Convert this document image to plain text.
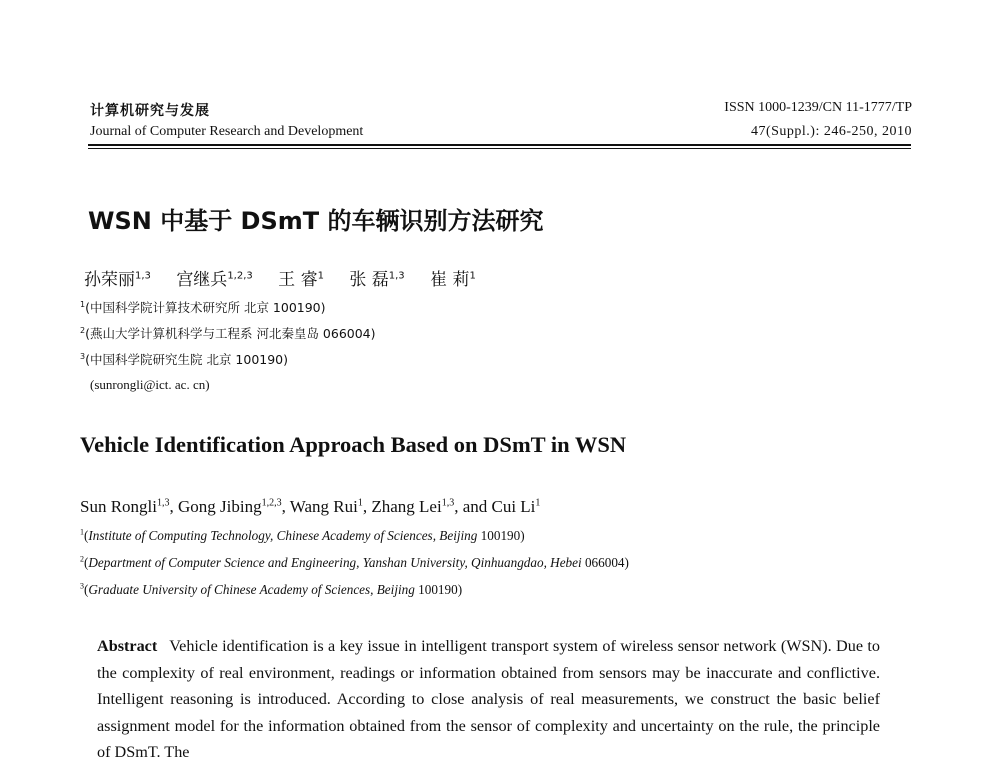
计算机研究与发展
Journal of Computer Research and Development
ISSN 1000-1239/CN 11-1777/TP
47(Suppl.): 246-250, 2010
WSN 中基于 DSmT 的车辆识别方法研究
孙荣丽$^{1,3}$ 宫继兵$^{1,2,3}$ 王 睿$^1$ 张 磊$^{1,3}$ 崔 莉$^1$
$^1$(中国科学院计算技术研究所 北京 100190)
$^2$(燕山大学计算机科学与工程系 河北秦皇岛 066004)
$^3$(中国科学院研究生院 北京 100190)
(sunrongli@ict. ac. cn)
Vehicle Identification Approach Based on DSmT in WSN
Sun Rongli$^{1,3}$, Gong Jibing$^{1,2,3}$, Wang Rui$^1$, Zhang Lei$^{1,3}$, and Cui Li$^1$
$^1$(Institute of Computing Technology, Chinese Academy of Sciences, Beijing 100190)
$^2$(Department of Computer Science and Engineering, Yanshan University, Qinhuangdao, Hebei 066004)
$^3$(Graduate University of Chinese Academy of Sciences, Beijing 100190)
Abstract Vehicle identification is a key issue in intelligent transport system of wireless sensor network (WSN). Due to the complexity of real environment, readings or information obtained from sensors may be inaccurate and conflictive. Intelligent reasoning is introduced. According to close analysis of real measurements, we construct the basic belief assignment model for the information obtained from the sensor of complexity and uncertainty on the rule, the principle of DSmT. The
